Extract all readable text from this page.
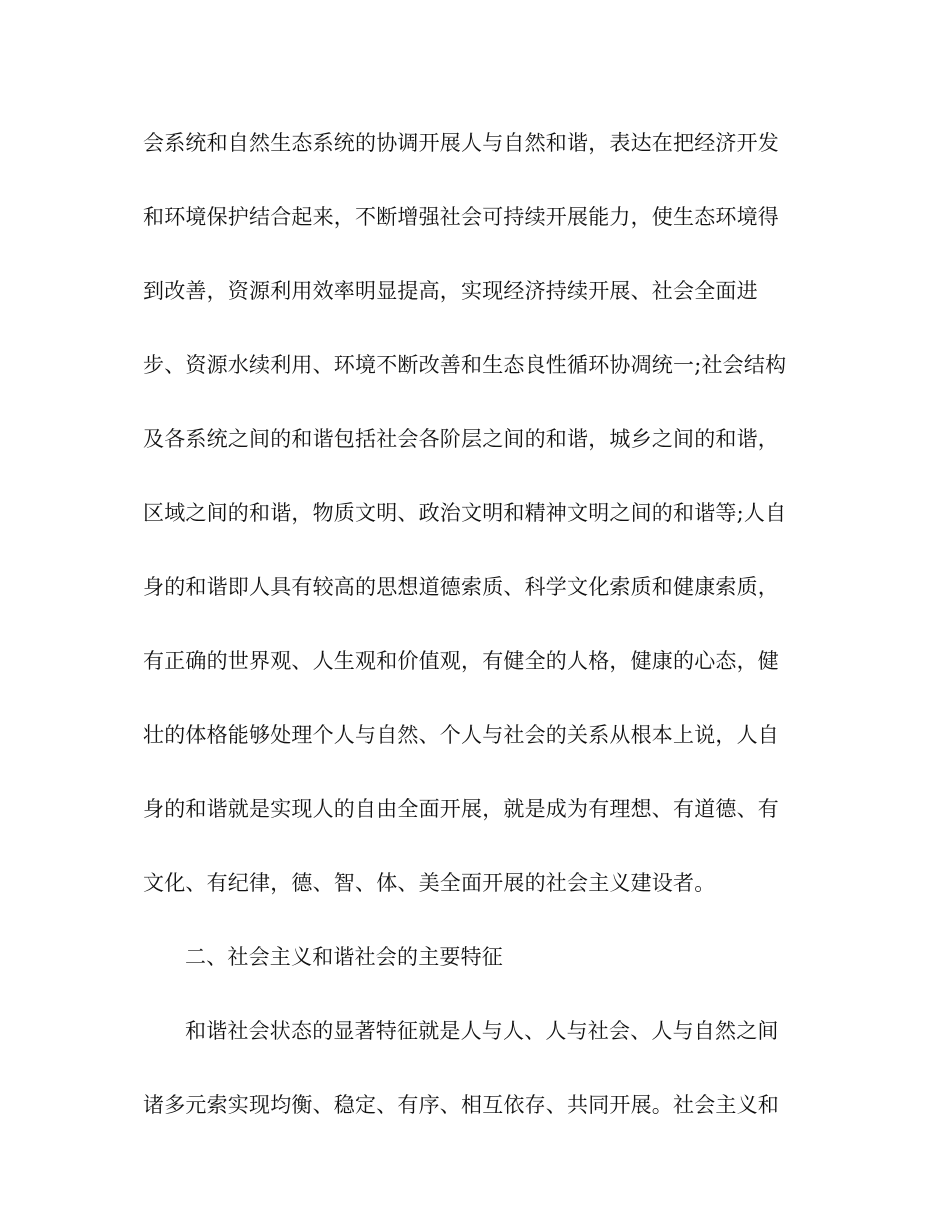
会系统和自然生态系统的协调开展人与自然和谐，表达在把经济开发
和环境保护结合起来，不断增强社会可持续开展能力，使生态环境得
到改善，资源利用效率明显提高，实现经济持续开展、社会全面进
步、资源水续利用、环境不断改善和生态良性循环协凋统一;社会结构
及各系统之间的和谐包括社会各阶层之间的和谐，城乡之间的和谐，
区域之间的和谐，物质文明、政治文明和精神文明之间的和谐等;人自
身的和谐即人具有较高的思想道德索质、科学文化索质和健康索质，
有正确的世界观、人生观和价值观，有健全的人格，健康的心态，健
壮的体格能够处理个人与自然、个人与社会的关系从根本上说，人自
身的和谐就是实现人的自由全面开展，就是成为有理想、有道德、有
文化、有纪律，德、智、体、美全面开展的社会主义建设者。
二、社会主义和谐社会的主要特征
和谐社会状态的显著特征就是人与人、人与社会、人与自然之间
诸多元索实现均衡、稳定、有序、相互依存、共同开展。社会主义和
